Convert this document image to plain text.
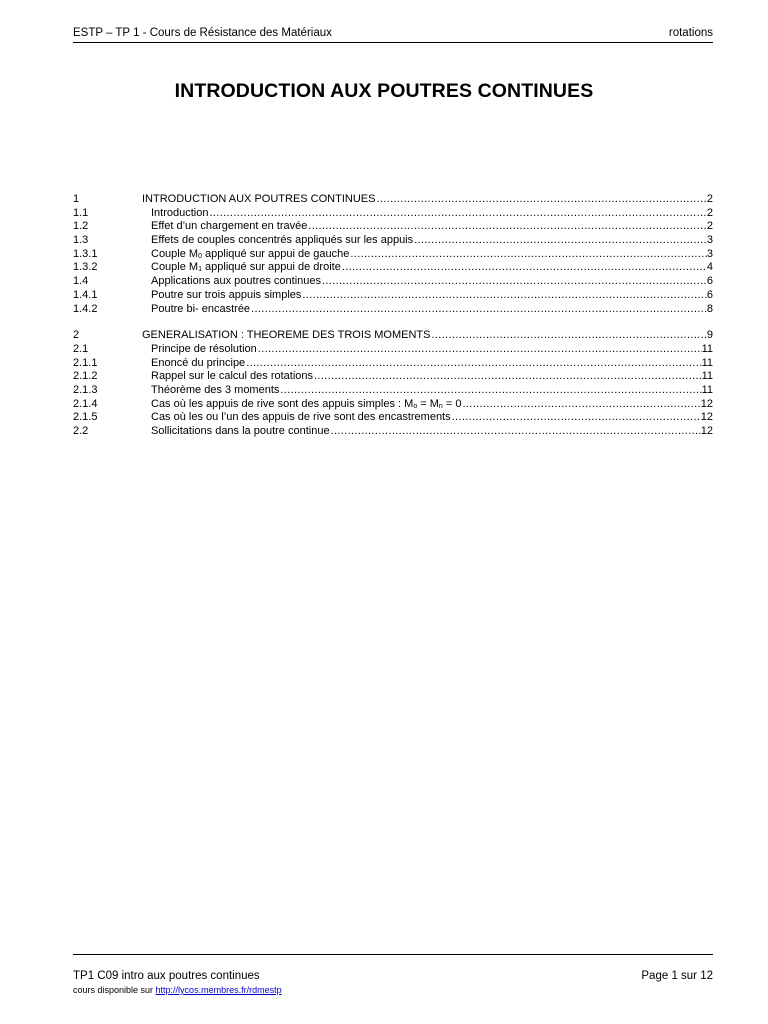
ESTP – TP 1 - Cours de Résistance des Matériaux	rotations
INTRODUCTION AUX POUTRES CONTINUES
1	INTRODUCTION AUX POUTRES CONTINUES .....	2
1.1	Introduction .....	2
1.2	Effet d’un chargement en travée .....	2
1.3	Effets de couples concentrés appliqués sur les appuis .....	3
1.3.1	Couple $M_0$ appliqué sur appui de gauche .....	3
1.3.2	Couple $M_1$ appliqué sur appui de droite .....	4
1.4	Applications aux poutres continues .....	6
1.4.1	Poutre sur trois appuis simples .....	6
1.4.2	Poutre bi- encastrée .....	8
2	GENERALISATION : THEOREME DES TROIS MOMENTS .....	9
2.1	Principe de résolution .....	11
2.1.1	Enoncé du principe .....	11
2.1.2	Rappel sur le calcul des rotations .....	11
2.1.3	Théorème des 3 moments .....	11
2.1.4	Cas où les appuis de rive sont des appuis simples : $M_o = M_n = 0$ .....	12
2.1.5	Cas où les ou l’un des appuis de rive sont des encastrements .....	12
2.2	Sollicitations dans la poutre continue .....	12
TP1 C09 intro aux poutres continues	Page 1 sur 12
cours disponible sur http://lycos.membres.fr/rdmestp
